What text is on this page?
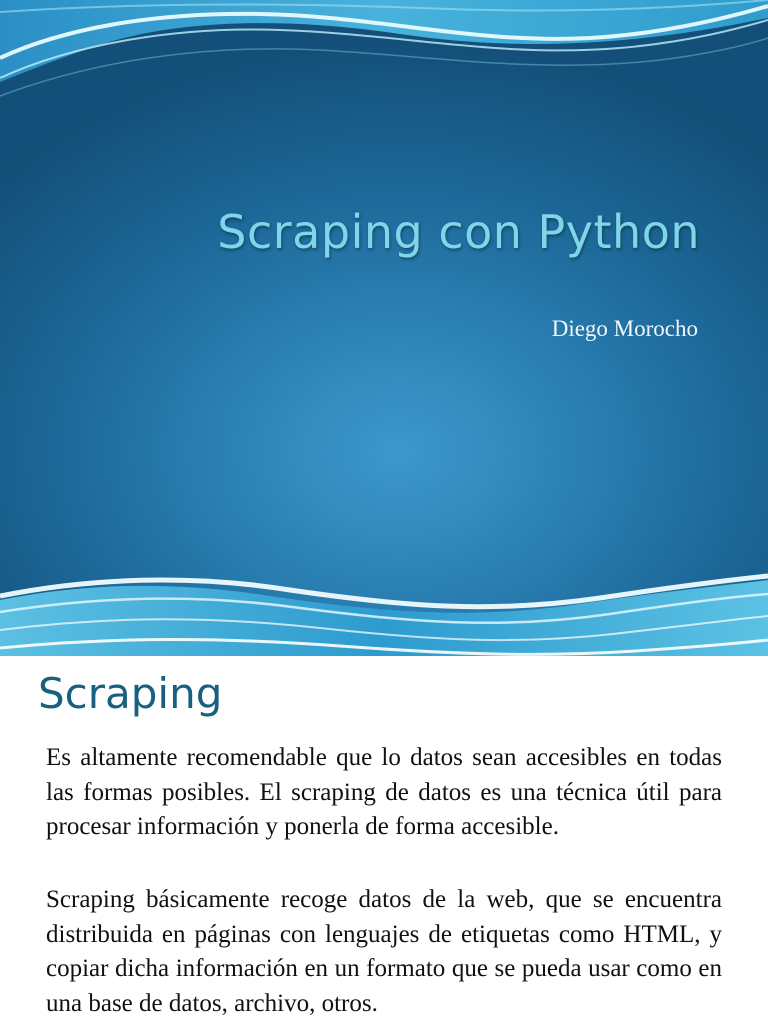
Scraping con Python
Diego Morocho
Scraping

Es altamente recomendable que lo datos sean accesibles en todas las formas posibles. El scraping de datos es una técnica útil para procesar información y ponerla de forma accesible.

Scraping básicamente recoge datos de la web, que se encuentra distribuida en páginas con lenguajes de etiquetas como HTML, y copiar dicha información en un formato que se pueda usar como en una base de datos, archivo, otros.
